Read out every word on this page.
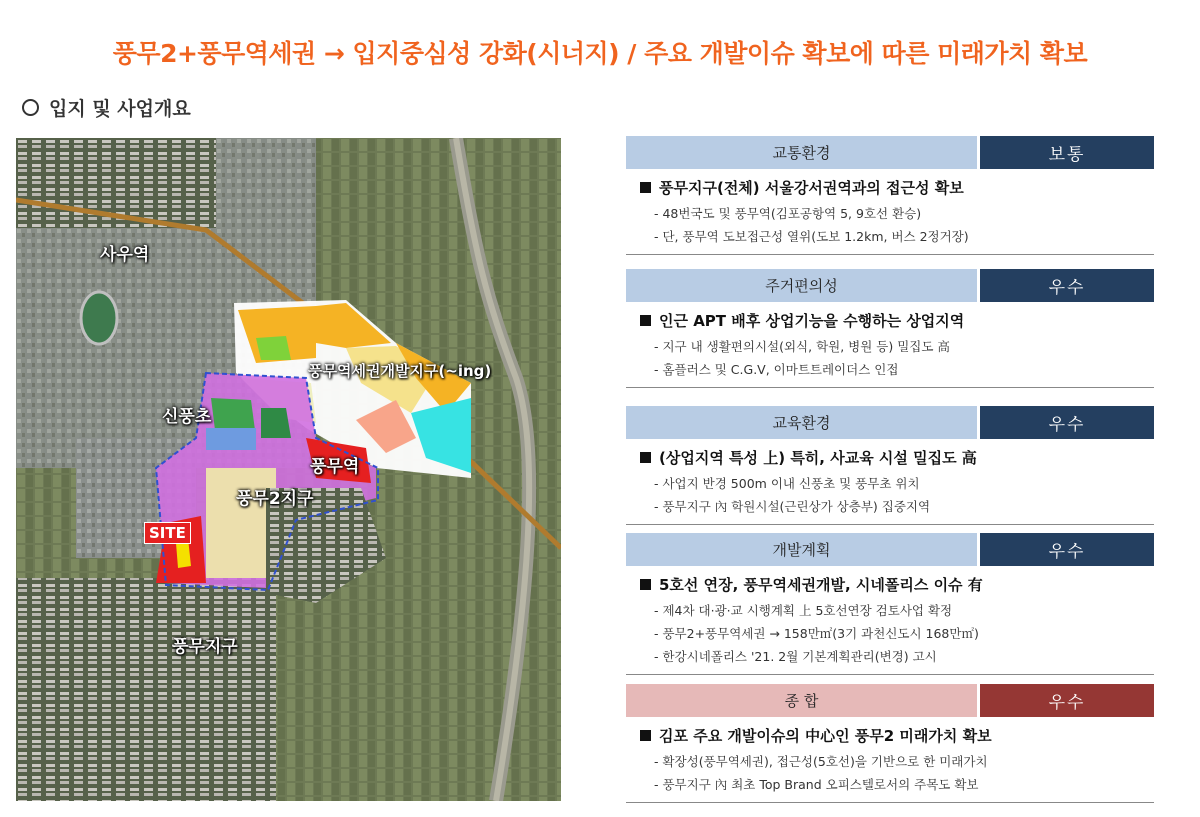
풍무2+풍무역세권 → 입지중심성 강화(시너지) / 주요 개발이슈 확보에 따른 미래가치 확보
입지 및 사업개요
사우역
풍무역세권개발지구(~ing)
신풍초
풍무역
풍무2지구
SITE
풍무지구
교통환경	보통
풍무지구(전체) 서울강서권역과의 접근성 확보
- 48번국도 및 풍무역(김포공항역 5, 9호선 환승)
- 단, 풍무역 도보접근성 열위(도보 1.2km, 버스 2정거장)
주거편의성	우수
인근 APT 배후 상업기능을 수행하는 상업지역
- 지구 내 생활편의시설(외식, 학원, 병원 등) 밀집도 高
- 홈플러스 및 C.G.V, 이마트트레이더스 인접
교육환경	우수
(상업지역 특성 上) 특히, 사교육 시설 밀집도 高
- 사업지 반경 500m 이내 신풍초 및 풍무초 위치
- 풍무지구 內 학원시설(근린상가 상층부) 집중지역
개발계획	우수
5호선 연장, 풍무역세권개발, 시네폴리스 이슈 有
- 제4차 대·광·교 시행계획 上 5호선연장 검토사업 확정
- 풍무2+풍무역세권 → 158만㎡(3기 과천신도시 168만㎡)
- 한강시네폴리스 '21. 2월 기본계획관리(변경) 고시
종 합	우수
김포 주요 개발이슈의 中心인 풍무2 미래가치 확보
- 확장성(풍무역세권), 접근성(5호선)을 기반으로 한 미래가치
- 풍무지구 內 최초 Top Brand 오피스텔로서의 주목도 확보
